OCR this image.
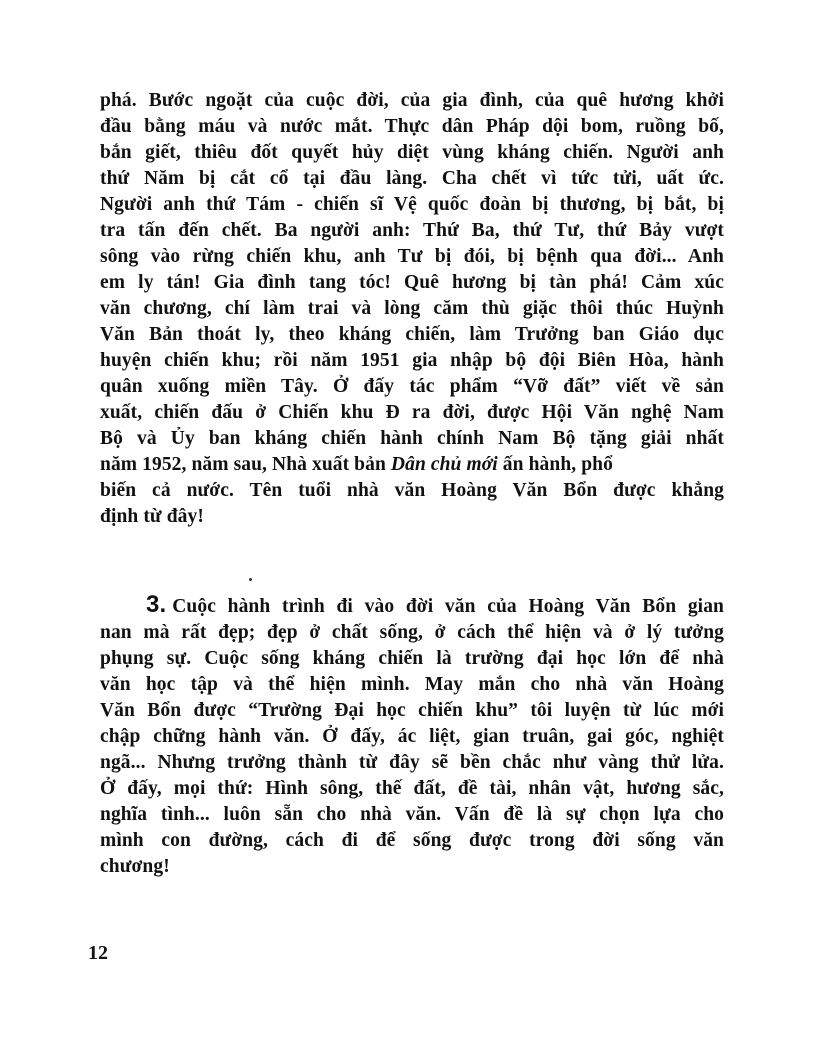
phá. Bước ngoặt của cuộc đời, của gia đình, của quê hương khởi
đầu bằng máu và nước mắt. Thực dân Pháp dội bom, ruồng bố,
bắn giết, thiêu đốt quyết hủy diệt vùng kháng chiến. Người anh
thứ Năm bị cắt cổ tại đầu làng. Cha chết vì tức tửi, uất ức.
Người anh thứ Tám - chiến sĩ Vệ quốc đoàn bị thương, bị bắt, bị
tra tấn đến chết. Ba người anh: Thứ Ba, thứ Tư, thứ Bảy vượt
sông vào rừng chiến khu, anh Tư bị đói, bị bệnh qua đời... Anh
em ly tán! Gia đình tang tóc! Quê hương bị tàn phá! Cảm xúc
văn chương, chí làm trai và lòng căm thù giặc thôi thúc Huỳnh
Văn Bản thoát ly, theo kháng chiến, làm Trưởng ban Giáo dục
huyện chiến khu; rồi năm 1951 gia nhập bộ đội Biên Hòa, hành
quân xuống miền Tây. Ở đấy tác phẩm “Vỡ đất” viết về sản
xuất, chiến đấu ở Chiến khu Đ ra đời, được Hội Văn nghệ Nam
Bộ và Ủy ban kháng chiến hành chính Nam Bộ tặng giải nhất
năm 1952, năm sau, Nhà xuất bản Dân chủ mới ấn hành, phổ
biến cả nước. Tên tuổi nhà văn Hoàng Văn Bổn được khẳng
định từ đây!
3. Cuộc hành trình đi vào đời văn của Hoàng Văn Bổn gian
nan mà rất đẹp; đẹp ở chất sống, ở cách thể hiện và ở lý tưởng
phụng sự. Cuộc sống kháng chiến là trường đại học lớn để nhà
văn học tập và thể hiện mình. May mắn cho nhà văn Hoàng
Văn Bổn được “Trường Đại học chiến khu” tôi luyện từ lúc mới
chập chững hành văn. Ở đấy, ác liệt, gian truân, gai góc, nghiệt
ngã... Nhưng trưởng thành từ đây sẽ bền chắc như vàng thử lửa.
Ở đấy, mọi thứ: Hình sông, thế đất, đề tài, nhân vật, hương sắc,
nghĩa tình... luôn sẵn cho nhà văn. Vấn đề là sự chọn lựa cho
mình con đường, cách đi để sống được trong đời sống văn
chương!
12
